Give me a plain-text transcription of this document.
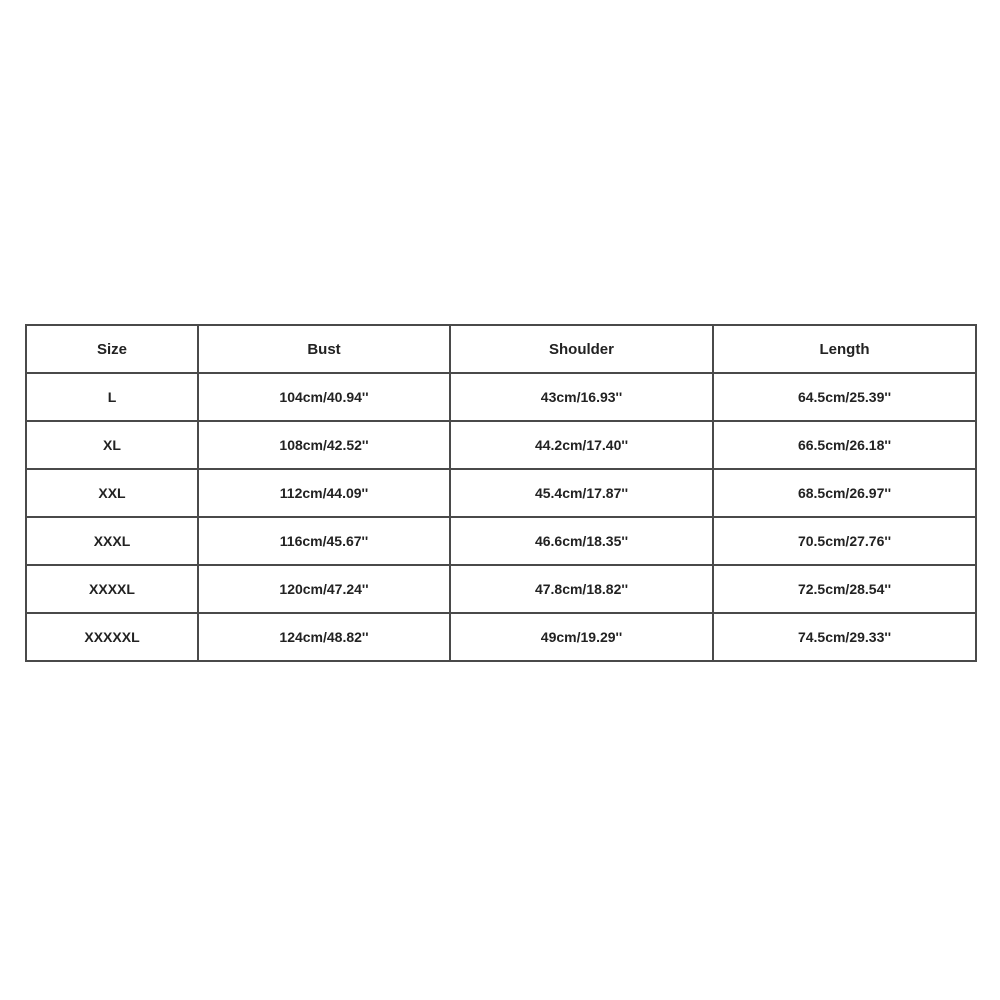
Size	Bust	Shoulder	Length
L	104cm/40.94''	43cm/16.93''	64.5cm/25.39''
XL	108cm/42.52''	44.2cm/17.40''	66.5cm/26.18''
XXL	112cm/44.09''	45.4cm/17.87''	68.5cm/26.97''
XXXL	116cm/45.67''	46.6cm/18.35''	70.5cm/27.76''
XXXXL	120cm/47.24''	47.8cm/18.82''	72.5cm/28.54''
XXXXXL	124cm/48.82''	49cm/19.29''	74.5cm/29.33''
